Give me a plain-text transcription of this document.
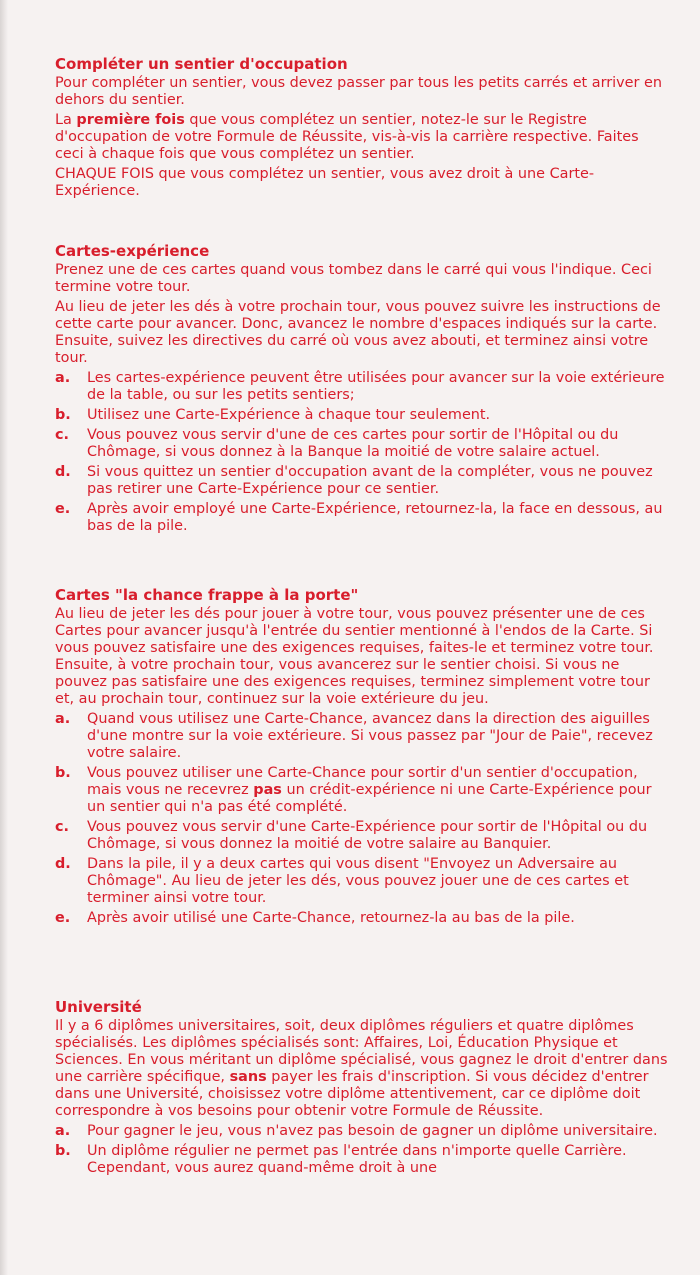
Compléter un sentier d'occupation

Pour compléter un sentier, vous devez passer par tous les petits carrés et arriver en dehors du sentier.

La première fois que vous complétez un sentier, notez-le sur le Registre d'occupation de votre Formule de Réussite, vis-à-vis la carrière respective. Faites ceci à chaque fois que vous complétez un sentier.

CHAQUE FOIS que vous complétez un sentier, vous avez droit à une Carte-Expérience.

Cartes-expérience

Prenez une de ces cartes quand vous tombez dans le carré qui vous l'indique. Ceci termine votre tour.

Au lieu de jeter les dés à votre prochain tour, vous pouvez suivre les instructions de cette carte pour avancer. Donc, avancez le nombre d'espaces indiqués sur la carte. Ensuite, suivez les directives du carré où vous avez abouti, et terminez ainsi votre tour.

a. Les cartes-expérience peuvent être utilisées pour avancer sur la voie extérieure de la table, ou sur les petits sentiers;
b. Utilisez une Carte-Expérience à chaque tour seulement.
c. Vous pouvez vous servir d'une de ces cartes pour sortir de l'Hôpital ou du Chômage, si vous donnez à la Banque la moitié de votre salaire actuel.
d. Si vous quittez un sentier d'occupation avant de la compléter, vous ne pouvez pas retirer une Carte-Expérience pour ce sentier.
e. Après avoir employé une Carte-Expérience, retournez-la, la face en dessous, au bas de la pile.
Cartes "la chance frappe à la porte"

Au lieu de jeter les dés pour jouer à votre tour, vous pouvez présenter une de ces Cartes pour avancer jusqu'à l'entrée du sentier mentionné à l'endos de la Carte. Si vous pouvez satisfaire une des exigences requises, faites-le et terminez votre tour. Ensuite, à votre prochain tour, vous avancerez sur le sentier choisi. Si vous ne pouvez pas satisfaire une des exigences requises, terminez simplement votre tour et, au prochain tour, continuez sur la voie extérieure du jeu.

a. Quand vous utilisez une Carte-Chance, avancez dans la direction des aiguilles d'une montre sur la voie extérieure. Si vous passez par "Jour de Paie", recevez votre salaire.
b. Vous pouvez utiliser une Carte-Chance pour sortir d'un sentier d'occupation, mais vous ne recevrez pas un crédit-expérience ni une Carte-Expérience pour un sentier qui n'a pas été complété.
c. Vous pouvez vous servir d'une Carte-Expérience pour sortir de l'Hôpital ou du Chômage, si vous donnez la moitié de votre salaire au Banquier.
d. Dans la pile, il y a deux cartes qui vous disent "Envoyez un Adversaire au Chômage". Au lieu de jeter les dés, vous pouvez jouer une de ces cartes et terminer ainsi votre tour.
e. Après avoir utilisé une Carte-Chance, retournez-la au bas de la pile.
Université

Il y a 6 diplômes universitaires, soit, deux diplômes réguliers et quatre diplômes spécialisés. Les diplômes spécialisés sont: Affaires, Loi, Éducation Physique et Sciences. En vous méritant un diplôme spécialisé, vous gagnez le droit d'entrer dans une carrière spécifique, sans payer les frais d'inscription. Si vous décidez d'entrer dans une Université, choisissez votre diplôme attentivement, car ce diplôme doit correspondre à vos besoins pour obtenir votre Formule de Réussite.

a. Pour gagner le jeu, vous n'avez pas besoin de gagner un diplôme universitaire.
b. Un diplôme régulier ne permet pas l'entrée dans n'importe quelle Carrière. Cependant, vous aurez quand-même droit à une
